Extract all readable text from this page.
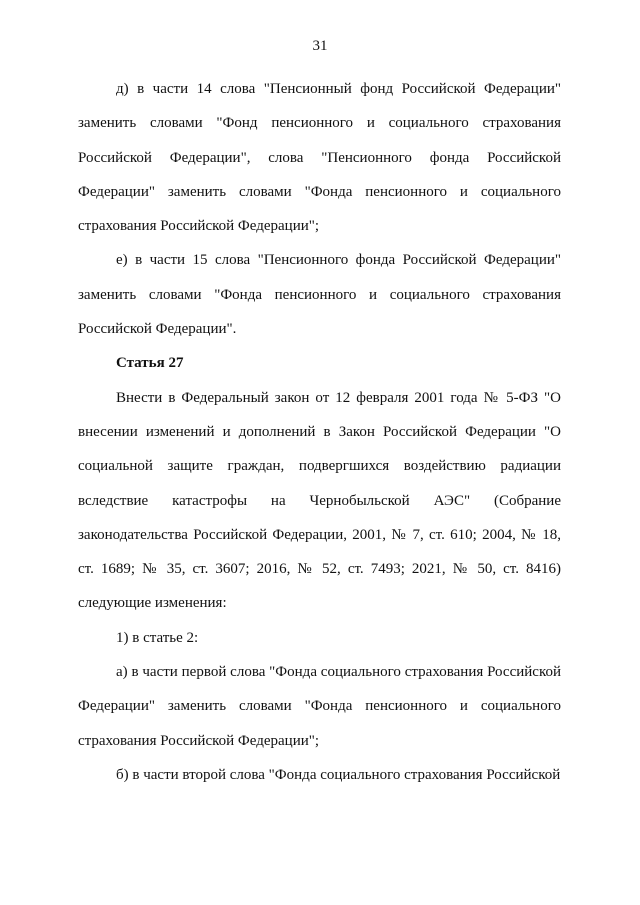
31

д) в части 14 слова "Пенсионный фонд Российской Федерации" заменить словами "Фонд пенсионного и социального страхования Российской Федерации", слова "Пенсионного фонда Российской Федерации" заменить словами "Фонда пенсионного и социального страхования Российской Федерации";

е) в части 15 слова "Пенсионного фонда Российской Федерации" заменить словами "Фонда пенсионного и социального страхования Российской Федерации".

Статья 27

Внести в Федеральный закон от 12 февраля 2001 года № 5-ФЗ "О внесении изменений и дополнений в Закон Российской Федерации "О социальной защите граждан, подвергшихся воздействию радиации вследствие катастрофы на Чернобыльской АЭС" (Собрание законодательства Российской Федерации, 2001, № 7, ст. 610; 2004, № 18, ст. 1689; № 35, ст. 3607; 2016, № 52, ст. 7493; 2021, № 50, ст. 8416) следующие изменения:

1) в статье 2:

а) в части первой слова "Фонда социального страхования Российской Федерации" заменить словами "Фонда пенсионного и социального страхования Российской Федерации";

б) в части второй слова "Фонда социального страхования Российской
